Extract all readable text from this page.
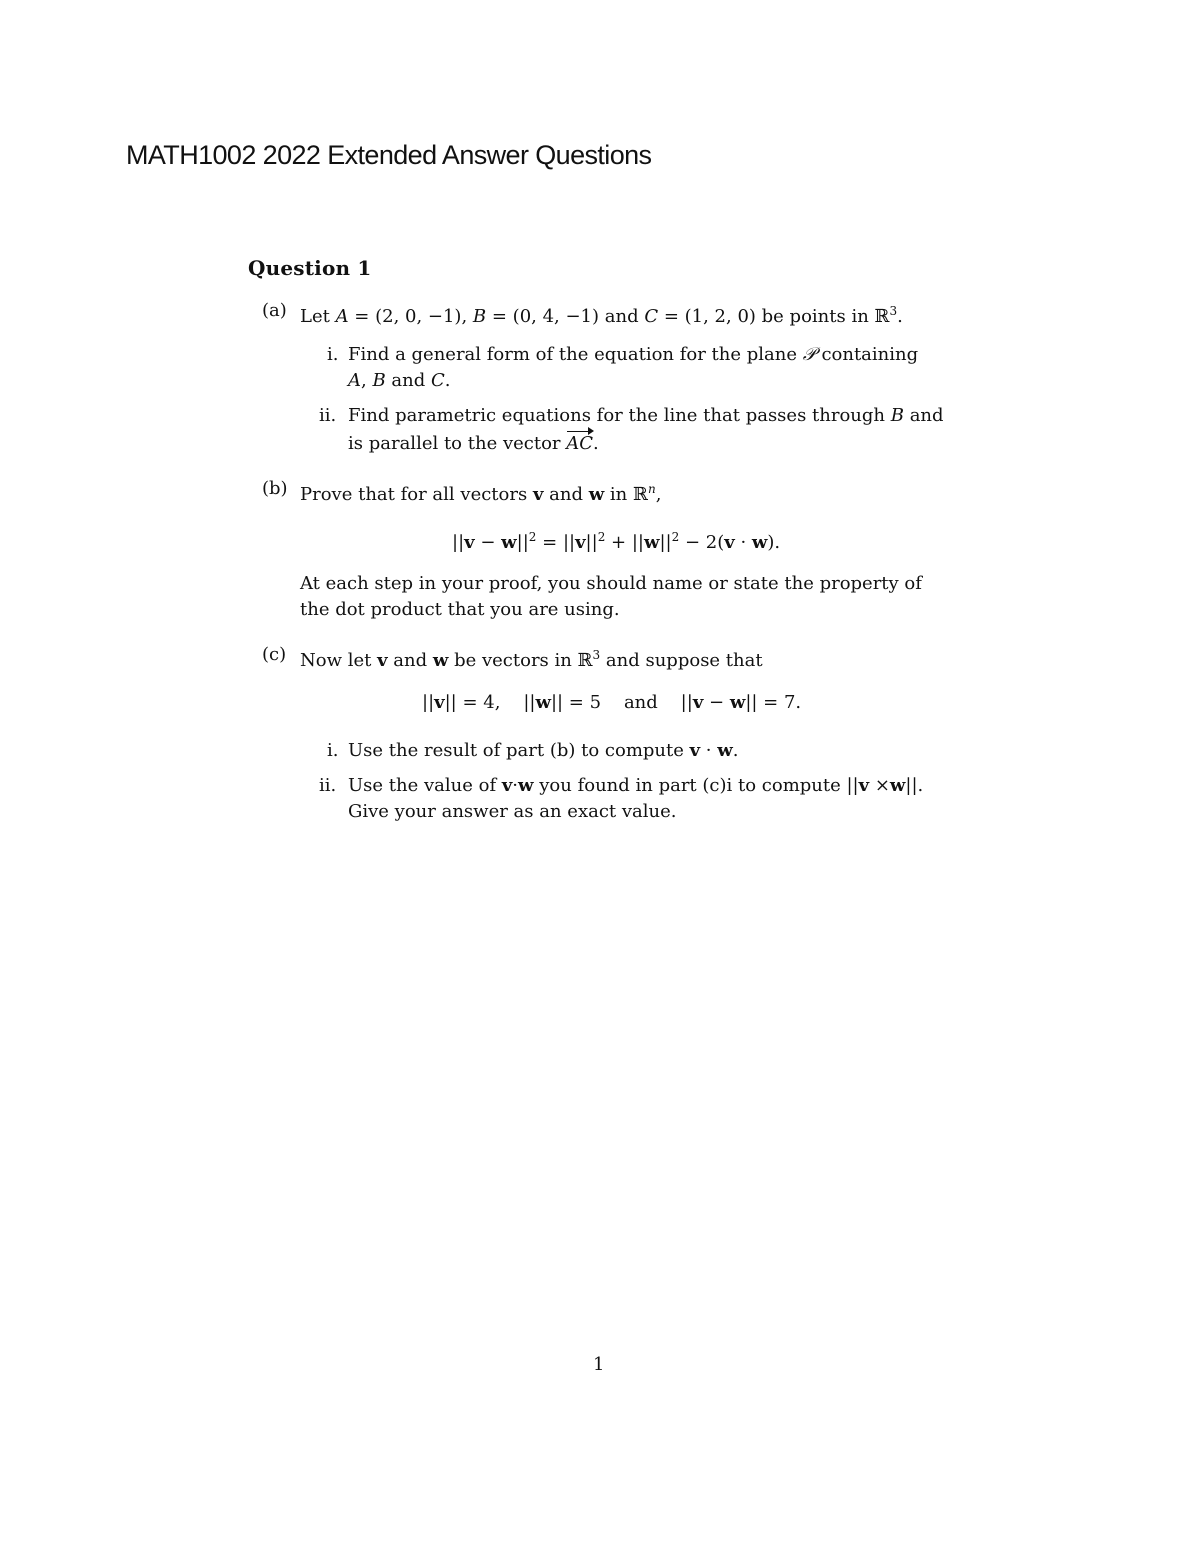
MATH1002 2022 Extended Answer Questions
Question 1
(a) Let A = (2, 0, −1), B = (0, 4, −1) and C = (1, 2, 0) be points in ℝ$^3$.
i. Find a general form of the equation for the plane 𝒫 containing
A, B and C.
ii. Find parametric equations for the line that passes through B and
is parallel to the vector AC.
(b) Prove that for all vectors v and w in ℝ$^n$,
$||v - w||^2 = ||v||^2 + ||w||^2 - 2(v \cdot w)$.
At each step in your proof, you should name or state the property of
the dot product that you are using.
(c) Now let v and w be vectors in ℝ$^3$ and suppose that
||v|| = 4,    ||w|| = 5    and    ||v − w|| = 7.
i. Use the result of part (b) to compute v · w.
ii. Use the value of v·w you found in part (c)i to compute ||v ×w||.
Give your answer as an exact value.
1
